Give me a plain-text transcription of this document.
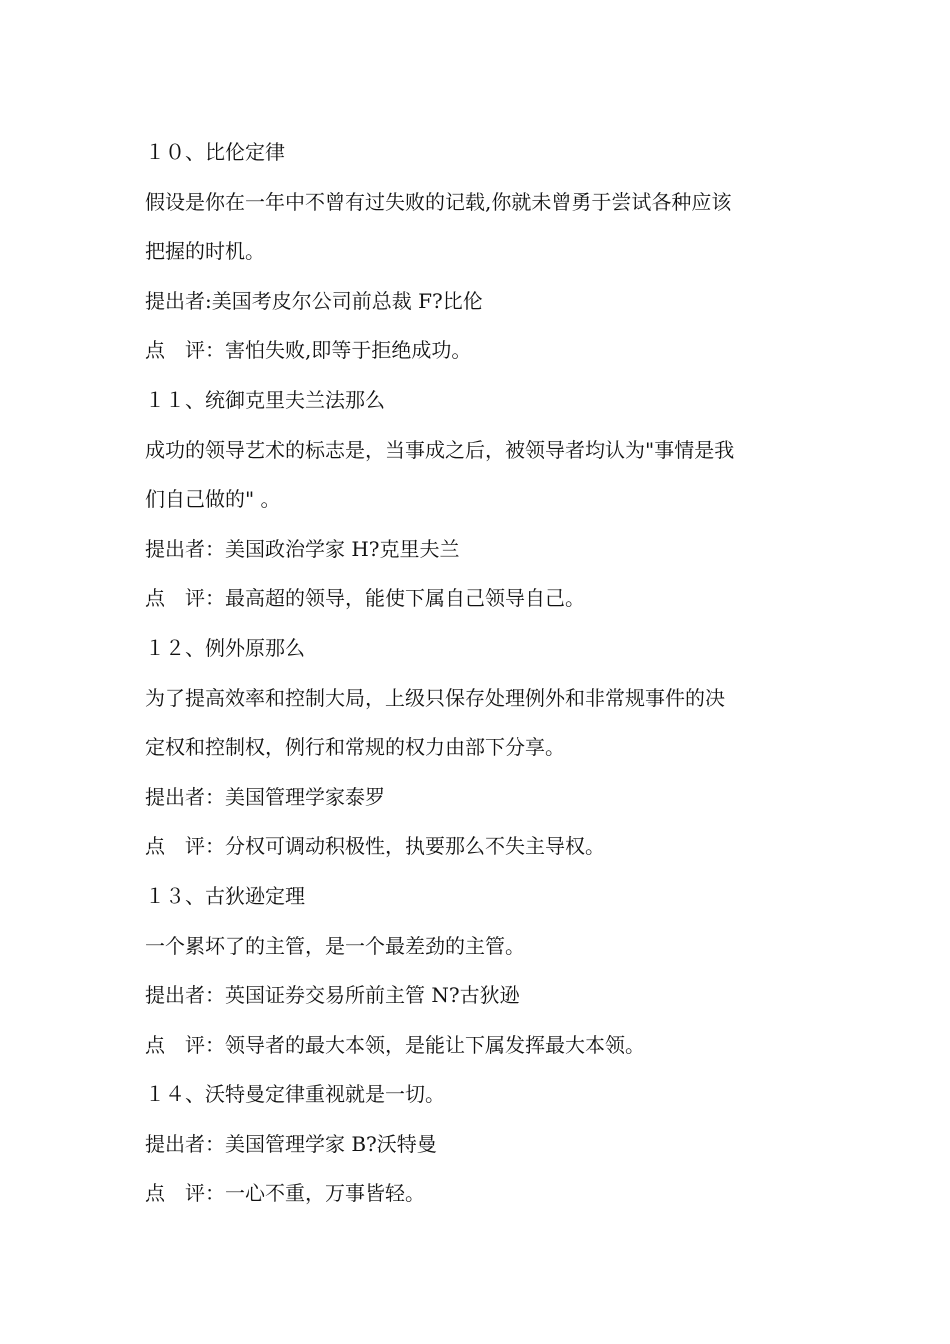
１０、比伦定律
假设是你在一年中不曾有过失败的记载,你就未曾勇于尝试各种应该
把握的时机。
提出者:美国考皮尔公司前总裁 F?比伦
点　评：害怕失败,即等于拒绝成功。
１１、统御克里夫兰法那么
成功的领导艺术的标志是，当事成之后，被领导者均认为"事情是我
们自己做的" 。
提出者：美国政治学家 H?克里夫兰
点　评：最高超的领导，能使下属自己领导自己。
１２、例外原那么
为了提高效率和控制大局，上级只保存处理例外和非常规事件的决
定权和控制权，例行和常规的权力由部下分享。
提出者：美国管理学家泰罗
点　评：分权可调动积极性，执要那么不失主导权。
１３、古狄逊定理
一个累坏了的主管，是一个最差劲的主管。
提出者：英国证券交易所前主管 N?古狄逊
点　评：领导者的最大本领，是能让下属发挥最大本领。
１４、沃特曼定律重视就是一切。
提出者：美国管理学家 B?沃特曼
点　评：一心不重，万事皆轻。
